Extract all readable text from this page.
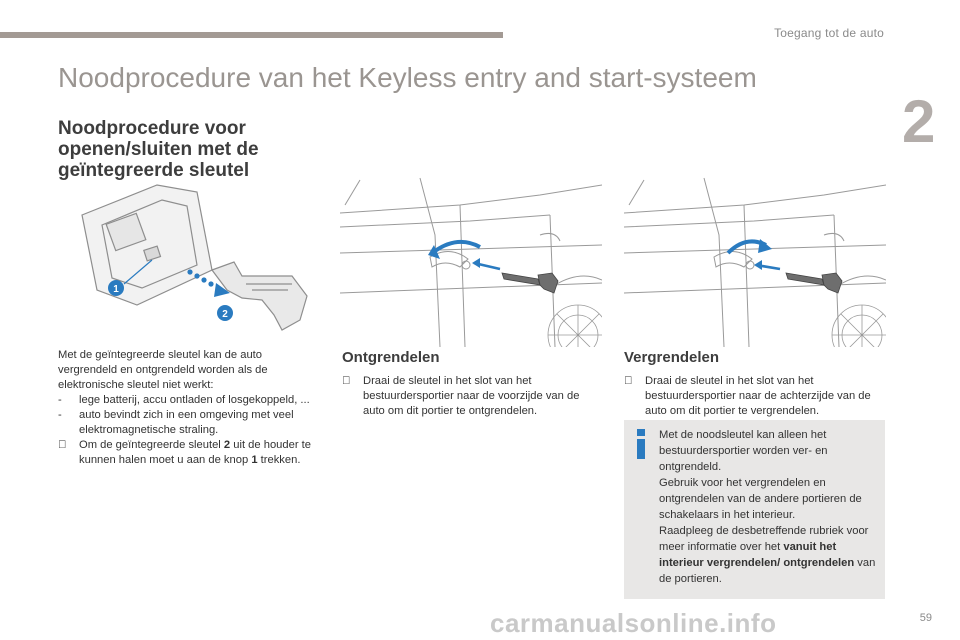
Toegang tot de auto
2
Noodprocedure van het Keyless entry and start-systeem
Noodprocedure voor openen/sluiten met de geïntegreerde sleutel
1
2

Met de geïntegreerde sleutel kan de auto vergrendeld en ontgrendeld worden als de elektronische sleutel niet werkt:

- lege batterij, accu ontladen of losgekoppeld, ...
- auto bevindt zich in een omgeving met veel elektromagnetische straling.
Om de geïntegreerde sleutel 2 uit de houder te kunnen halen moet u aan de knop 1 trekken.
Ontgrendelen
Draai de sleutel in het slot van het bestuurdersportier naar de voorzijde van de auto om dit portier te ontgrendelen.
Vergrendelen
Draai de sleutel in het slot van het bestuurdersportier naar de achterzijde van de auto om dit portier te vergrendelen.
Met de noodsleutel kan alleen het bestuurdersportier worden ver- en ontgrendeld.
Gebruik voor het vergrendelen en ontgrendelen van de andere portieren de schakelaars in het interieur.
Raadpleeg de desbetreffende rubriek voor meer informatie over het vanuit het interieur vergrendelen/ ontgrendelen van de portieren.
carmanualsonline.info	59
